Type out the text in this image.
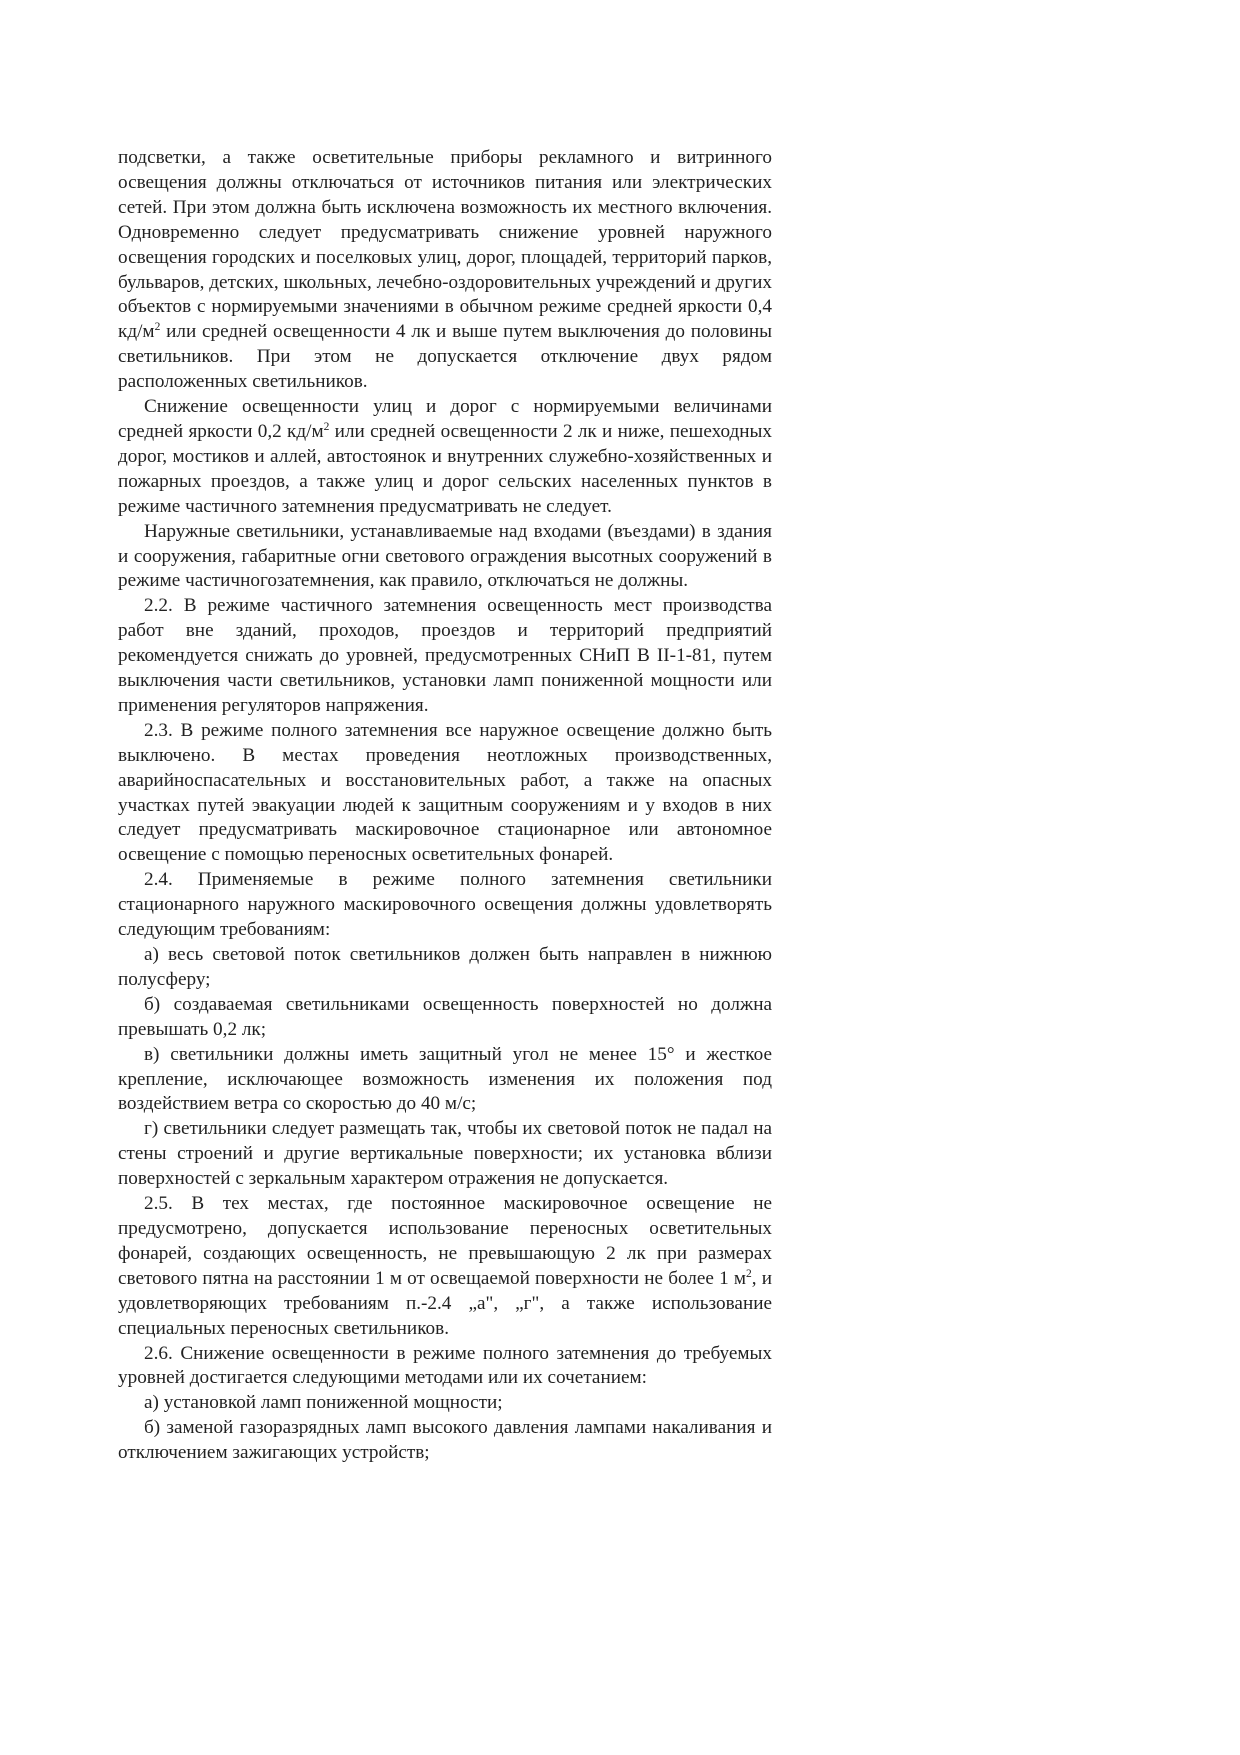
подсветки, а также осветительные приборы рекламного и витринного освещения должны отключаться от источников питания или электрических сетей. При этом должна быть исключена возможность их местного включения. Одновременно следует предусматривать снижение уровней наружного освещения городских и поселковых улиц, дорог, площадей, территорий парков, бульваров, детских, школьных, лечебно-оздоровительных учреждений и других объектов с нормируемыми значениями в обычном режиме средней яркости 0,4 $кд/м^2$ или средней освещенности 4 лк и выше путем выключения до половины светильников. При этом не допускается отключение двух рядом расположенных светильников.

Снижение освещенности улиц и дорог с нормируемыми величинами средней яркости 0,2 $кд/м^2$ или средней освещенности 2 лк и ниже, пешеходных дорог, мостиков и аллей, автостоянок и внутренних служебно-хозяйственных и пожарных проездов, а также улиц и дорог сельских населенных пунктов в режиме частичного затемнения предусматривать не следует.

Наружные светильники, устанавливаемые над входами (въездами) в здания и сооружения, габаритные огни светового ограждения высотных сооружений в режиме частичногозатемнения, как правило, отключаться не должны.

2.2. В режиме частичного затемнения освещенность мест производства работ вне зданий, проходов, проездов и территорий предприятий рекомендуется снижать до уровней, предусмотренных СНиП В II-1-81, путем выключения части светильников, установки ламп пониженной мощности или применения регуляторов напряжения.

2.3. В режиме полного затемнения все наружное освещение должно быть выключено. В местах проведения неотложных производственных, аварийноспасательных и восстановительных работ, а также на опасных участках путей эвакуации людей к защитным сооружениям и у входов в них следует предусматривать маскировочное стационарное или автономное освещение с помощью переносных осветительных фонарей.

2.4. Применяемые в режиме полного затемнения светильники стационарного наружного маскировочного освещения должны удовлетворять следующим требованиям:

а) весь световой поток светильников должен быть направлен в нижнюю полусферу;

б) создаваемая светильниками освещенность поверхностей но должна превышать 0,2 лк;

в) светильники должны иметь защитный угол не менее 15° и жесткое крепление, исключающее возможность изменения их положения под воздействием ветра со скоростью до 40 м/с;

г) светильники следует размещать так, чтобы их световой поток не падал на стены строений и другие вертикальные поверхности; их установка вблизи поверхностей с зеркальным характером отражения не допускается.

2.5. В тех местах, где постоянное маскировочное освещение не предусмотрено, допускается использование переносных осветительных фонарей, создающих освещенность, не превышающую 2 лк при размерах светового пятна на расстоянии 1 м от освещаемой поверхности не более 1 $м^2$, и удовлетворяющих требованиям п.-2.4 „а", „г", а также использование специальных переносных светильников.

2.6. Снижение освещенности в режиме полного затемнения до требуемых уровней достигается следующими методами или их сочетанием:

а) установкой ламп пониженной мощности;

б) заменой газоразрядных ламп высокого давления лампами накаливания и отключением зажигающих устройств;
